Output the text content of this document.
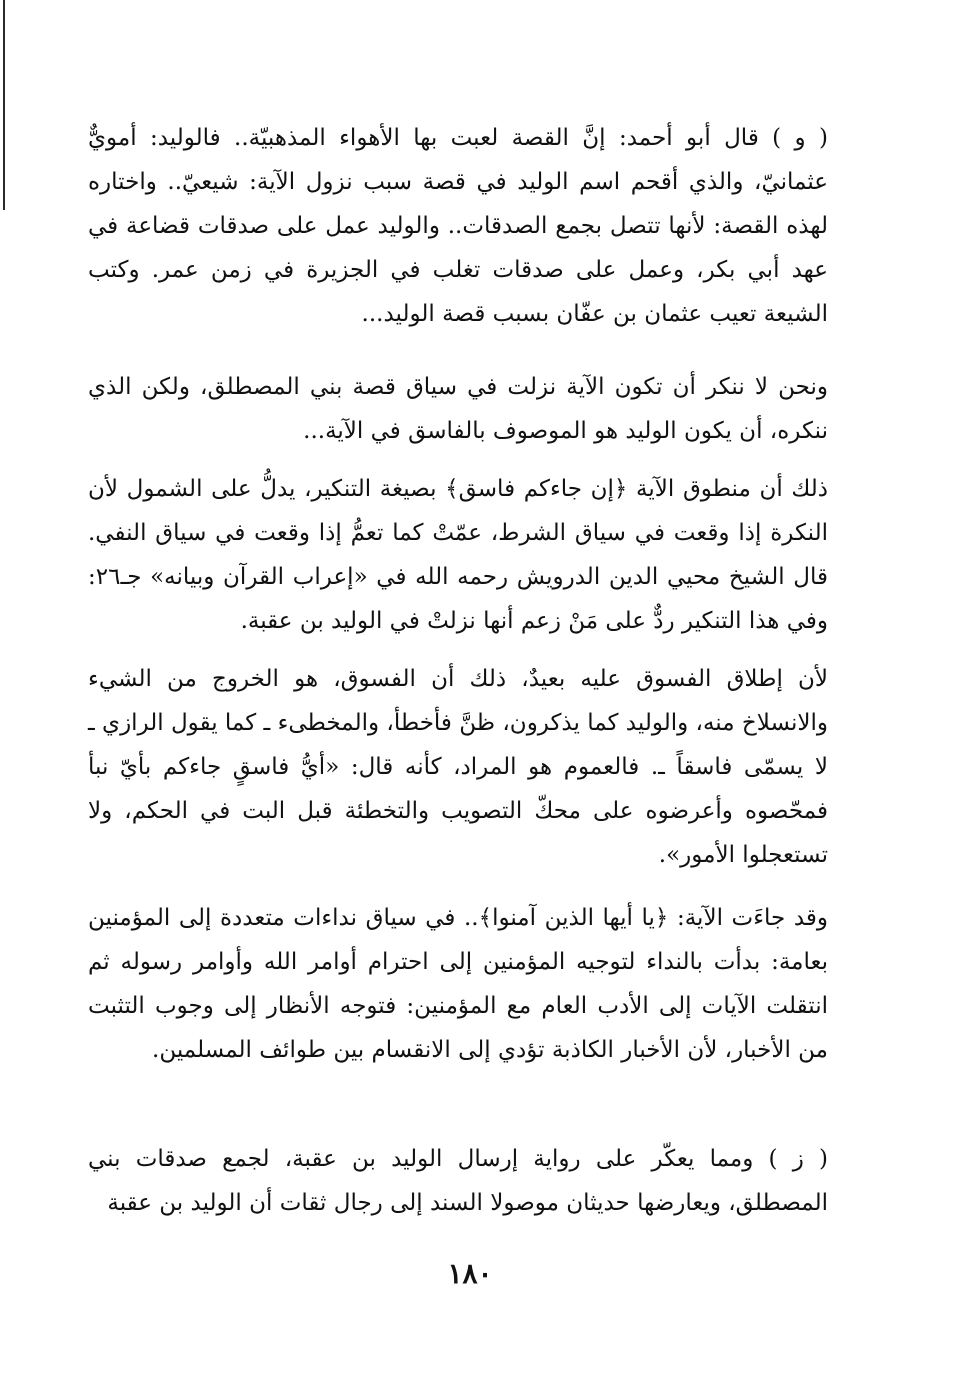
( و ) قال أبو أحمد: إنَّ القصة لعبت بها الأهواء المذهبيّة.. فالوليد: أمويٌّ عثمانيّ، والذي أقحم اسم الوليد في قصة سبب نزول الآية: شيعيّ.. واختاره لهذه القصة: لأنها تتصل بجمع الصدقات.. والوليد عمل على صدقات قضاعة في عهد أبي بكر، وعمل على صدقات تغلب في الجزيرة في زمن عمر. وكتب الشيعة تعيب عثمان بن عفّان بسبب قصة الوليد...

ونحن لا ننكر أن تكون الآية نزلت في سياق قصة بني المصطلق، ولكن الذي ننكره، أن يكون الوليد هو الموصوف بالفاسق في الآية...

ذلك أن منطوق الآية ﴿إن جاءكم فاسق﴾ بصيغة التنكير، يدلُّ على الشمول لأن النكرة إذا وقعت في سياق الشرط، عمّتْ كما تعمُّ إذا وقعت في سياق النفي. قال الشيخ محيي الدين الدرويش رحمه الله في «إعراب القرآن وبيانه» جـ٢٦: وفي هذا التنكير ردٌّ على مَنْ زعم أنها نزلتْ في الوليد بن عقبة.

لأن إطلاق الفسوق عليه بعيدٌ، ذلك أن الفسوق، هو الخروج من الشيء والانسلاخ منه، والوليد كما يذكرون، ظنَّ فأخطأ، والمخطىء ـ كما يقول الرازي ـ لا يسمّى فاسقاً ـ. فالعموم هو المراد، كأنه قال: «أيُّ فاسقٍ جاءكم بأيّ نبأ فمحّصوه وأعرضوه على محكّ التصويب والتخطئة قبل البت في الحكم، ولا تستعجلوا الأمور».

وقد جاءَت الآية: ﴿يا أيها الذين آمنوا﴾.. في سياق نداءات متعددة إلى المؤمنين بعامة: بدأت بالنداء لتوجيه المؤمنين إلى احترام أوامر الله وأوامر رسوله ثم انتقلت الآيات إلى الأدب العام مع المؤمنين: فتوجه الأنظار إلى وجوب التثبت من الأخبار، لأن الأخبار الكاذبة تؤدي إلى الانقسام بين طوائف المسلمين.

( ز ) ومما يعكّر على رواية إرسال الوليد بن عقبة، لجمع صدقات بني المصطلق، ويعارضها حديثان موصولا السند إلى رجال ثقات أن الوليد بن عقبة

١٨٠
